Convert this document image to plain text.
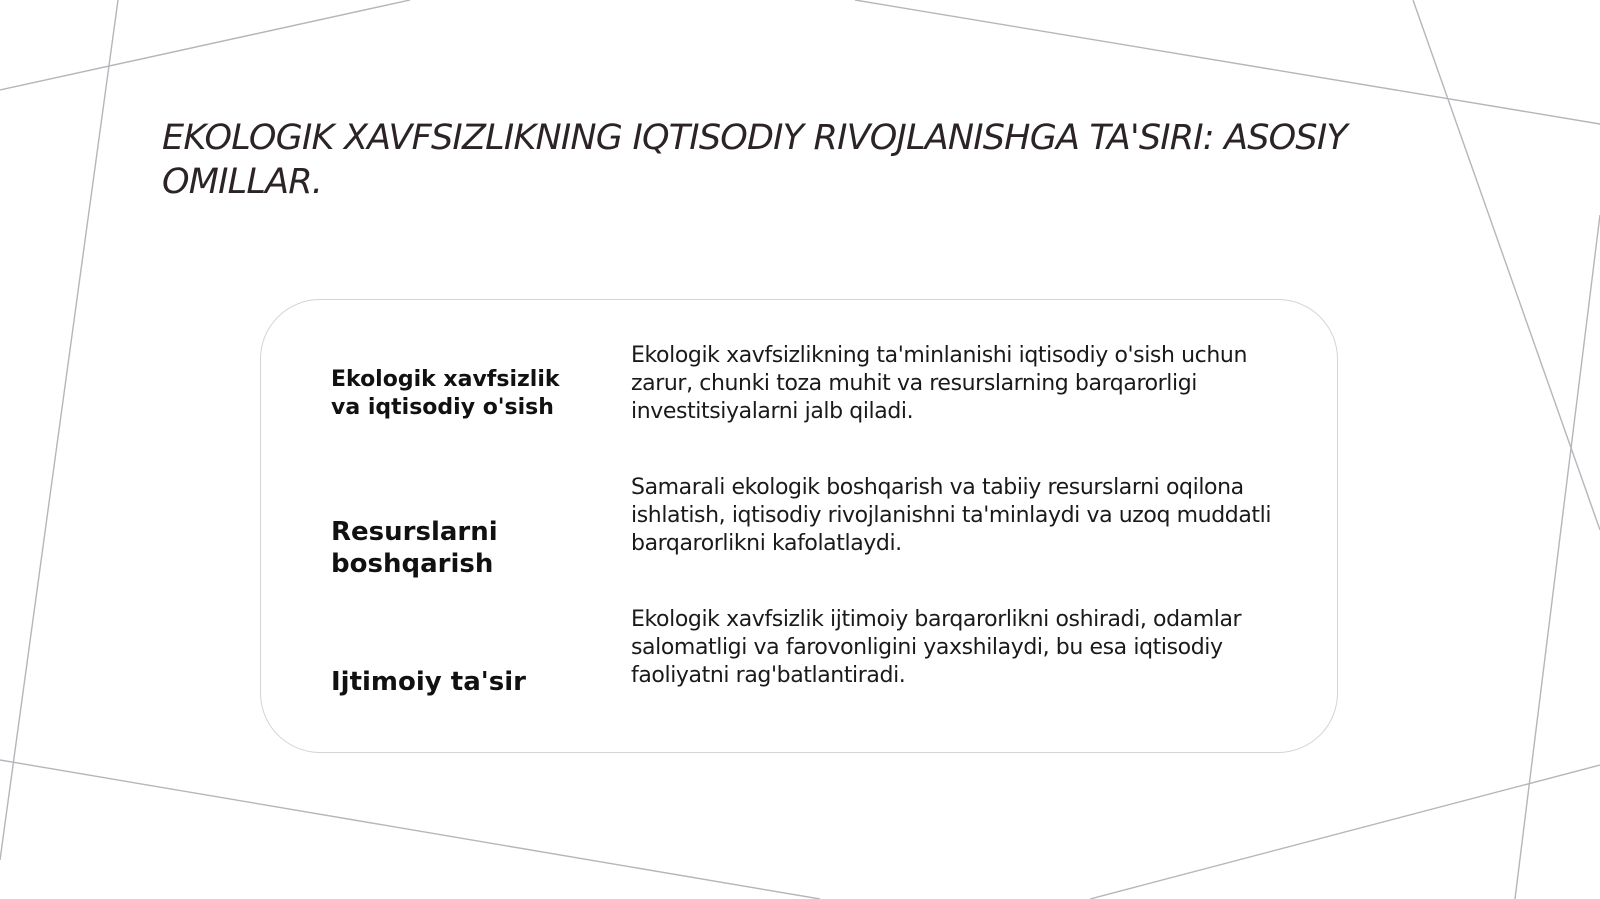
EKOLOGIK XAVFSIZLIKNING IQTISODIY RIVOJLANISHGA TA'SIRI: ASOSIY OMILLAR.
Ekologik xavfsizlik va iqtisodiy o'sish

Ekologik xavfsizlikning ta'minlanishi iqtisodiy o'sish uchun zarur, chunki toza muhit va resurslarning barqarorligi investitsiyalarni jalb qiladi.

Resurslarni boshqarish

Samarali ekologik boshqarish va tabiiy resurslarni oqilona ishlatish, iqtisodiy rivojlanishni ta'minlaydi va uzoq muddatli barqarorlikni kafolatlaydi.

Ijtimoiy ta'sir

Ekologik xavfsizlik ijtimoiy barqarorlikni oshiradi, odamlar salomatligi va farovonligini yaxshilaydi, bu esa iqtisodiy faoliyatni rag'batlantiradi.
